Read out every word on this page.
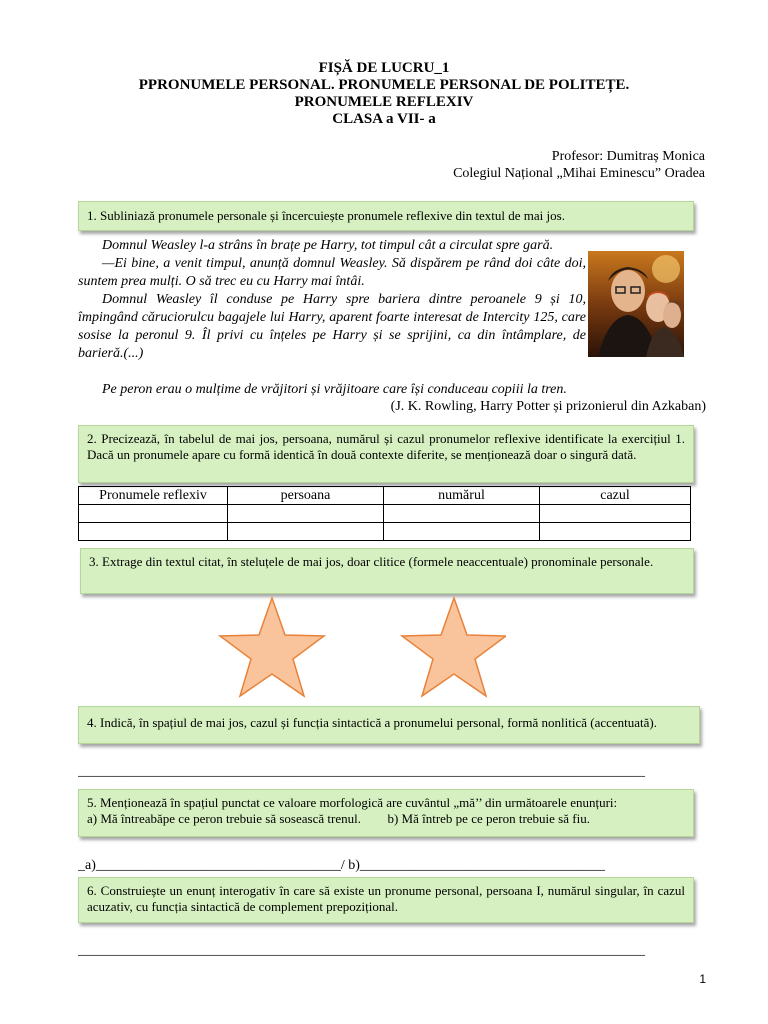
FIȘĂ DE LUCRU_1
PPRONUMELE PERSONAL. PRONUMELE PERSONAL DE POLITEȚE.
PRONUMELE REFLEXIV
CLASA a VII- a
Profesor: Dumitraș Monica
Colegiul Național „Mihai Eminescu” Oradea
1. Subliniază pronumele personale și încercuiește pronumele reflexive din textul de mai jos.

Domnul Weasley l-a strâns în brațe pe Harry, tot timpul cât a circulat spre gară.

—Ei bine, a venit timpul, anunță domnul Weasley. Să dispărem pe rând doi câte doi, suntem prea mulți. O să trec eu cu Harry mai întâi.

Domnul Weasley îl conduse pe Harry spre bariera dintre peroanele 9 și 10, împingând căruciorulcu bagajele lui Harry, aparent foarte interesat de Intercity 125, care sosise la peronul 9. Îl privi cu înțeles pe Harry și se sprijini, ca din întâmplare, de barieră.(...)

Pe peron erau o mulțime de vrăjitori și vrăjitoare care își conduceau copiii la tren.
(J. K. Rowling, Harry Potter și prizonierul din Azkaban)
2. Precizează, în tabelul de mai jos, persoana, numărul și cazul pronumelor reflexive identificate la exercițiul 1. Dacă un pronumele apare cu formă identică în două contexte diferite, se menționează doar o singură dată.
Pronumele reflexiv	persoana	numărul	cazul

3. Extrage din textul citat, în steluțele de mai jos, doar clitice (formele neaccentuale) pronominale personale.
4. Indică, în spațiul de mai jos, cazul și funcția sintactică a pronumelui personal, formă nonlitică (accentuată).
_________________________________________________________________________________
5. Menționează în spațiul punctat ce valoare morfologică are cuvântul „mă’’ din următoarele enunțuri:
a) Mă întreabăpe ce peron trebuie să sosească trenul. b) Mă întreb pe ce peron trebuie să fiu.
_a)___________________________________/ b)___________________________________
6. Construiește un enunț interogativ în care să existe un pronume personal, persoana I, numărul singular, în cazul acuzativ, cu funcția sintactică de complement prepozițional.
_________________________________________________________________________________
1
